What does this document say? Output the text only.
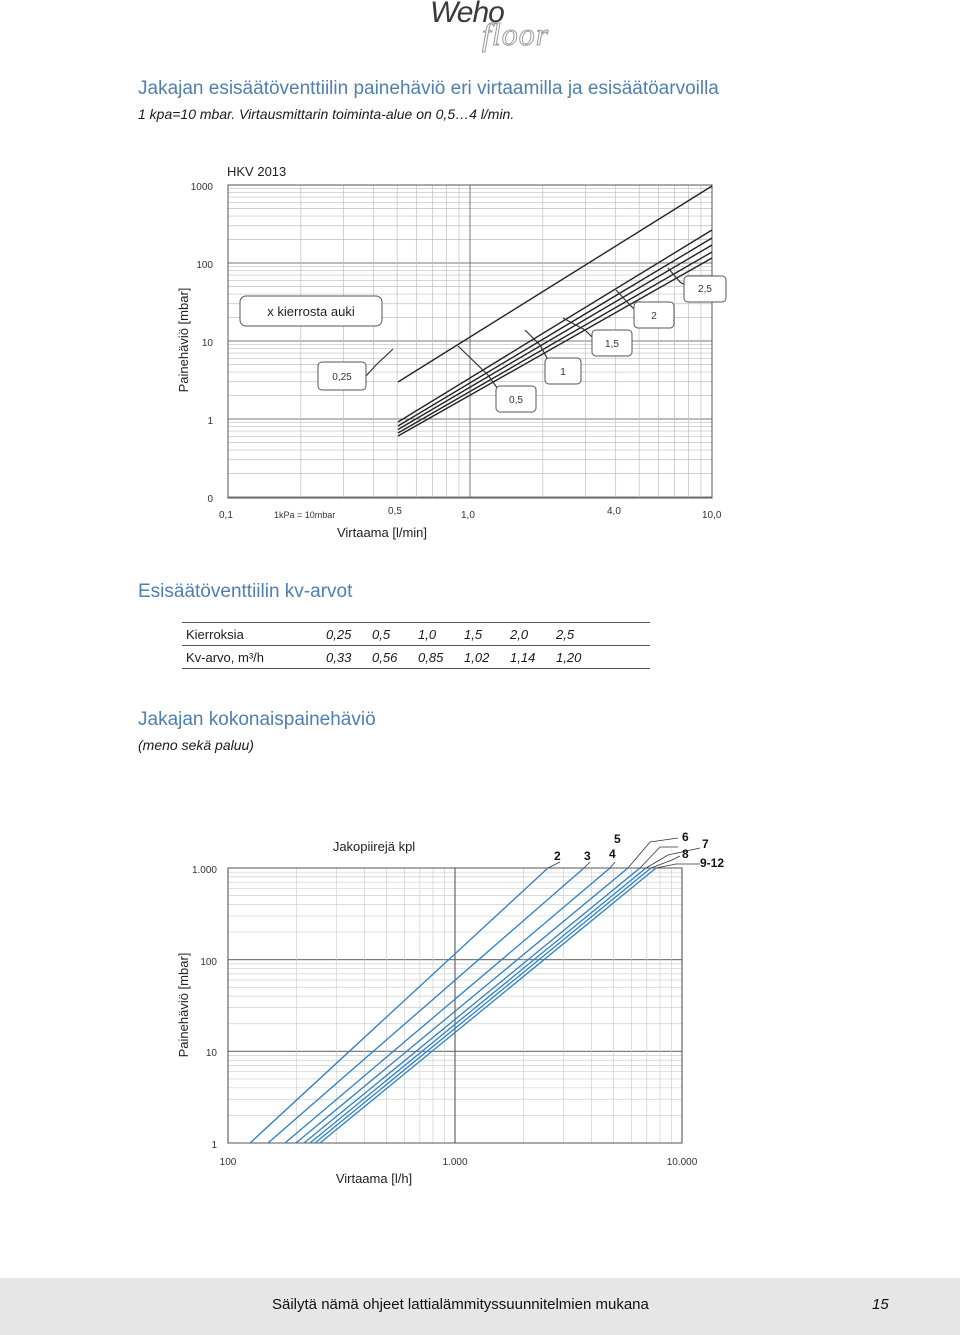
floor
Weho
Jakajan esisäätöventtiilin painehäviö eri virtaamilla ja esisäätöarvoilla
1 kpa=10 mbar. Virtausmittarin toiminta-alue on 0,5…4 l/min.
HKV 2013
1000
100
10
1
0
0,1	0,5	1,0	4,0	10,0
1kPa = 10mbar
Virtaama [l/min]
Painehäviö [mbar]	x kierrosta auki
0,25
0,5
1
1,5
2
2,5
Esisäätöventtiilin kv-arvot
Kierroksia	0,25	0,5	1,0	1,5	2,0	2,5	
Kv-arvo, m³/h	0,33	0,56	0,85	1,02	1,14	1,20	
Jakajan kokonaispainehäviö
(meno sekä paluu)
1.000
100
10
1
100	1.000	10.000
Virtaama [l/h]
Painehäviö [mbar]
Jakopiirejä kpl
2 3 4
5	6 7
8
9-12
Säilytä nämä ohjeet lattialämmityssuunnitelmien mukana	15
